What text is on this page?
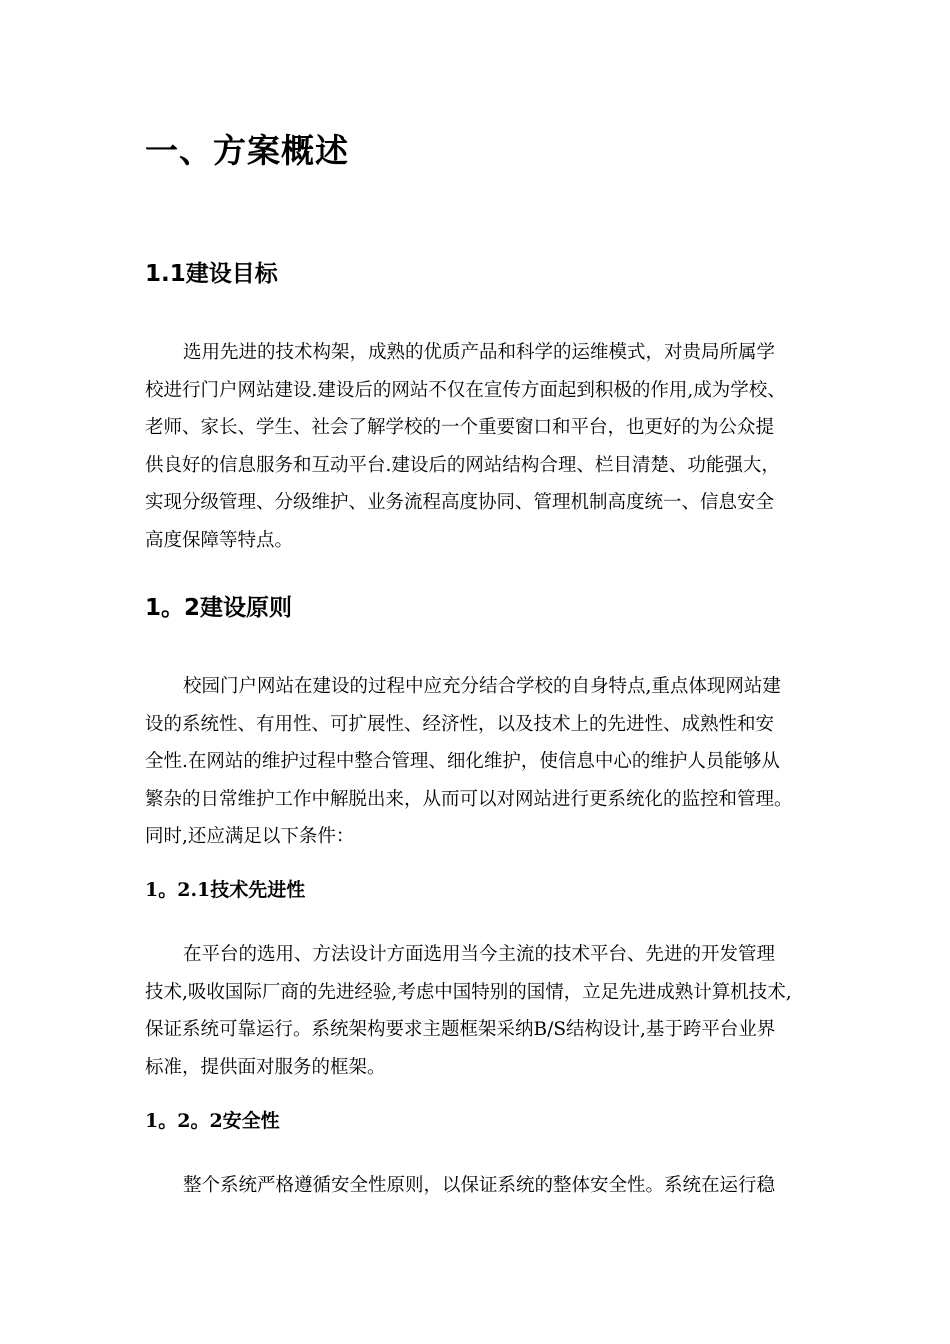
一、方案概述
1.1建设目标
选用先进的技术构架，成熟的优质产品和科学的运维模式，对贵局所属学
校进行门户网站建设.建设后的网站不仅在宣传方面起到积极的作用,成为学校、
老师、家长、学生、社会了解学校的一个重要窗口和平台，也更好的为公众提
供良好的信息服务和互动平台.建设后的网站结构合理、栏目清楚、功能强大，
实现分级管理、分级维护、业务流程高度协同、管理机制高度统一、信息安全
高度保障等特点。
1。2建设原则
校园门户网站在建设的过程中应充分结合学校的自身特点,重点体现网站建
设的系统性、有用性、可扩展性、经济性，以及技术上的先进性、成熟性和安
全性.在网站的维护过程中整合管理、细化维护，使信息中心的维护人员能够从
繁杂的日常维护工作中解脱出来，从而可以对网站进行更系统化的监控和管理。
同时,还应满足以下条件：
1。2.1技术先进性
在平台的选用、方法设计方面选用当今主流的技术平台、先进的开发管理
技术,吸收国际厂商的先进经验,考虑中国特别的国情，立足先进成熟计算机技术,
保证系统可靠运行。系统架构要求主题框架采纳B/S结构设计,基于跨平台业界
标准，提供面对服务的框架。
1。2。2安全性
整个系统严格遵循安全性原则，以保证系统的整体安全性。系统在运行稳
